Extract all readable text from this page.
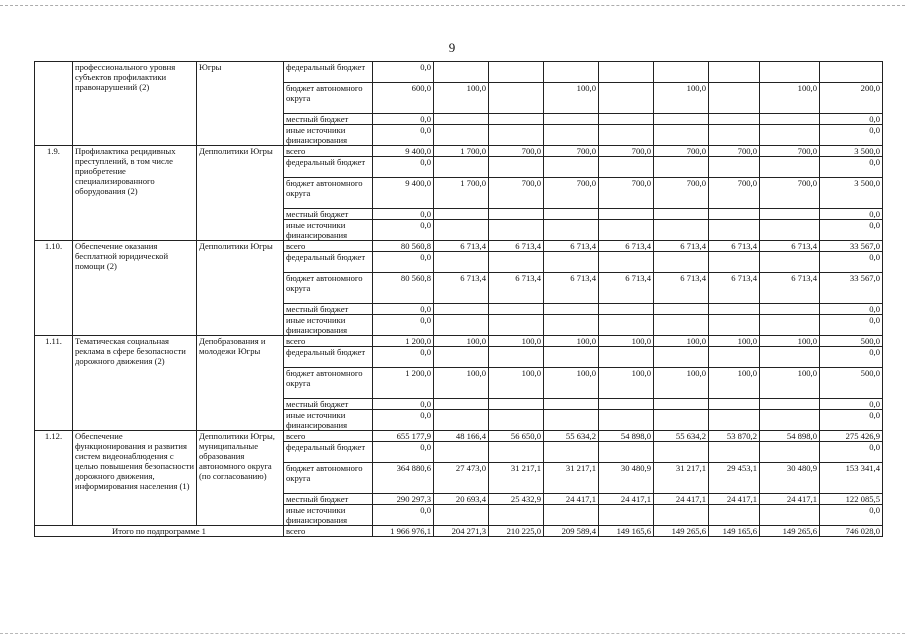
9
	профессионального уровня субъектов профилактики правонарушений (2)	Югры	федеральный бюджет	0,0								
			бюджет автономного округа	600,0	100,0		100,0		100,0		100,0	200,0
			местный бюджет	0,0								0,0
			иные источники финансирования	0,0								0,0
1.9.	Профилактика рецидивных преступлений, в том числе приобретение специализированного оборудования (2)	Депполитики Югры	всего	9 400,0	1 700,0	700,0	700,0	700,0	700,0	700,0	700,0	3 500,0
			федеральный бюджет	0,0								0,0
			бюджет автономного округа	9 400,0	1 700,0	700,0	700,0	700,0	700,0	700,0	700,0	3 500,0
			местный бюджет	0,0								0,0
			иные источники финансирования	0,0								0,0
1.10.	Обеспечение оказания бесплатной юридической помощи (2)	Депполитики Югры	всего	80 560,8	6 713,4	6 713,4	6 713,4	6 713,4	6 713,4	6 713,4	6 713,4	33 567,0
			федеральный бюджет	0,0								0,0
			бюджет автономного округа	80 560,8	6 713,4	6 713,4	6 713,4	6 713,4	6 713,4	6 713,4	6 713,4	33 567,0
			местный бюджет	0,0								0,0
			иные источники финансирования	0,0								0,0
1.11.	Тематическая социальная реклама в сфере безопасности дорожного движения (2)	Депобразования и молодежи Югры	всего	1 200,0	100,0	100,0	100,0	100,0	100,0	100,0	100,0	500,0
			федеральный бюджет	0,0								0,0
			бюджет автономного округа	1 200,0	100,0	100,0	100,0	100,0	100,0	100,0	100,0	500,0
			местный бюджет	0,0								0,0
			иные источники финансирования	0,0								0,0
1.12.	Обеспечение функционирования и развития систем видеонаблюдения с целью повышения безопасности дорожного движения, информирования населения (1)	Депполитики Югры, муниципальные образования автономного округа (по согласованию)	всего	655 177,9	48 166,4	56 650,0	55 634,2	54 898,0	55 634,2	53 870,2	54 898,0	275 426,9
			федеральный бюджет	0,0								0,0
			бюджет автономного округа	364 880,6	27 473,0	31 217,1	31 217,1	30 480,9	31 217,1	29 453,1	30 480,9	153 341,4
			местный бюджет	290 297,3	20 693,4	25 432,9	24 417,1	24 417,1	24 417,1	24 417,1	24 417,1	122 085,5
			иные источники финансирования	0,0								0,0
Итого по подпрограмме 1			всего	1 966 976,1	204 271,3	210 225,0	209 589,4	149 165,6	149 265,6	149 165,6	149 265,6	746 028,0
